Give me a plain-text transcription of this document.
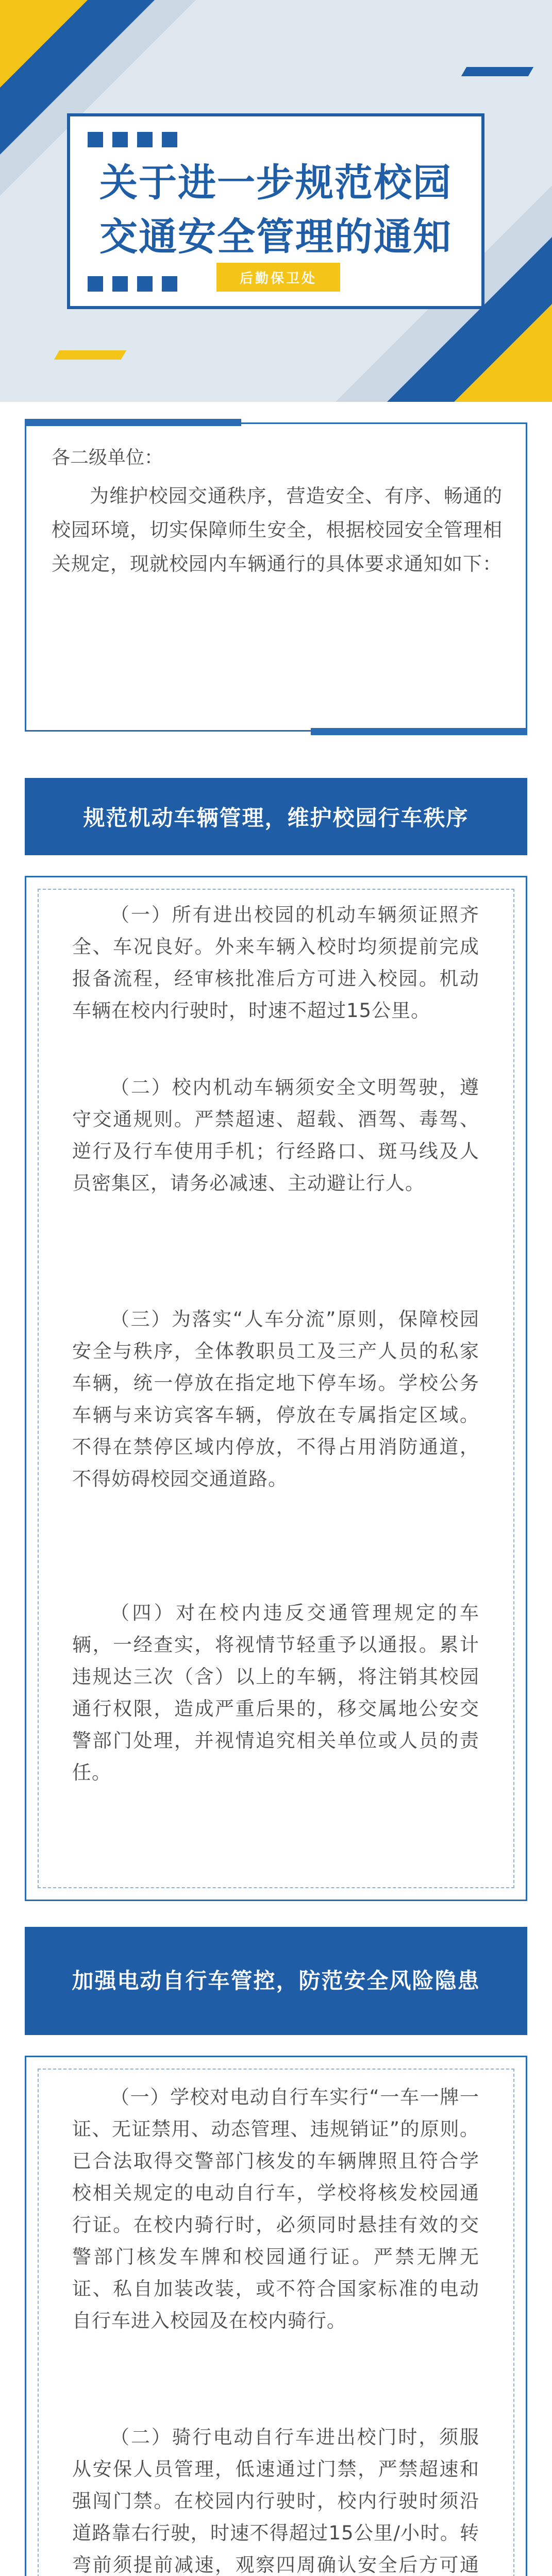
关于进一步规范校园
交通安全管理的通知
后勤保卫处
各二级单位：
为维护校园交通秩序，营造安全、有序、畅通的校园环境，切实保障师生安全，根据校园安全管理相关规定，现就校园内车辆通行的具体要求通知如下：
规范机动车辆管理，维护校园行车秩序
（一）所有进出校园的机动车辆须证照齐全、车况良好。外来车辆入校时均须提前完成报备流程，经审核批准后方可进入校园。机动车辆在校内行驶时，时速不超过15公里。
（二）校内机动车辆须安全文明驾驶，遵守交通规则。严禁超速、超载、酒驾、毒驾、逆行及行车使用手机；行经路口、斑马线及人员密集区，请务必减速、主动避让行人。
（三）为落实“人车分流”原则，保障校园安全与秩序，全体教职员工及三产人员的私家车辆，统一停放在指定地下停车场。学校公务车辆与来访宾客车辆，停放在专属指定区域。不得在禁停区域内停放，不得占用消防通道，不得妨碍校园交通道路。
（四）对在校内违反交通管理规定的车辆，一经查实，将视情节轻重予以通报。累计违规达三次（含）以上的车辆，将注销其校园通行权限，造成严重后果的，移交属地公安交警部门处理，并视情追究相关单位或人员的责任。
加强电动自行车管控，防范安全风险隐患
（一）学校对电动自行车实行“一车一牌一证、无证禁用、动态管理、违规销证”的原则。已合法取得交警部门核发的车辆牌照且符合学校相关规定的电动自行车，学校将核发校园通行证。在校内骑行时，必须同时悬挂有效的交警部门核发车牌和校园通行证。严禁无牌无证、私自加装改装，或不符合国家标准的电动自行车进入校园及在校内骑行。
（二）骑行电动自行车进出校门时，须服从安保人员管理，低速通过门禁，严禁超速和强闯门禁。在校园内行驶时，校内行驶时须沿道路靠右行驶，时速不得超过15公里/小时。转弯前须提前减速，观察四周确认安全后方可通
